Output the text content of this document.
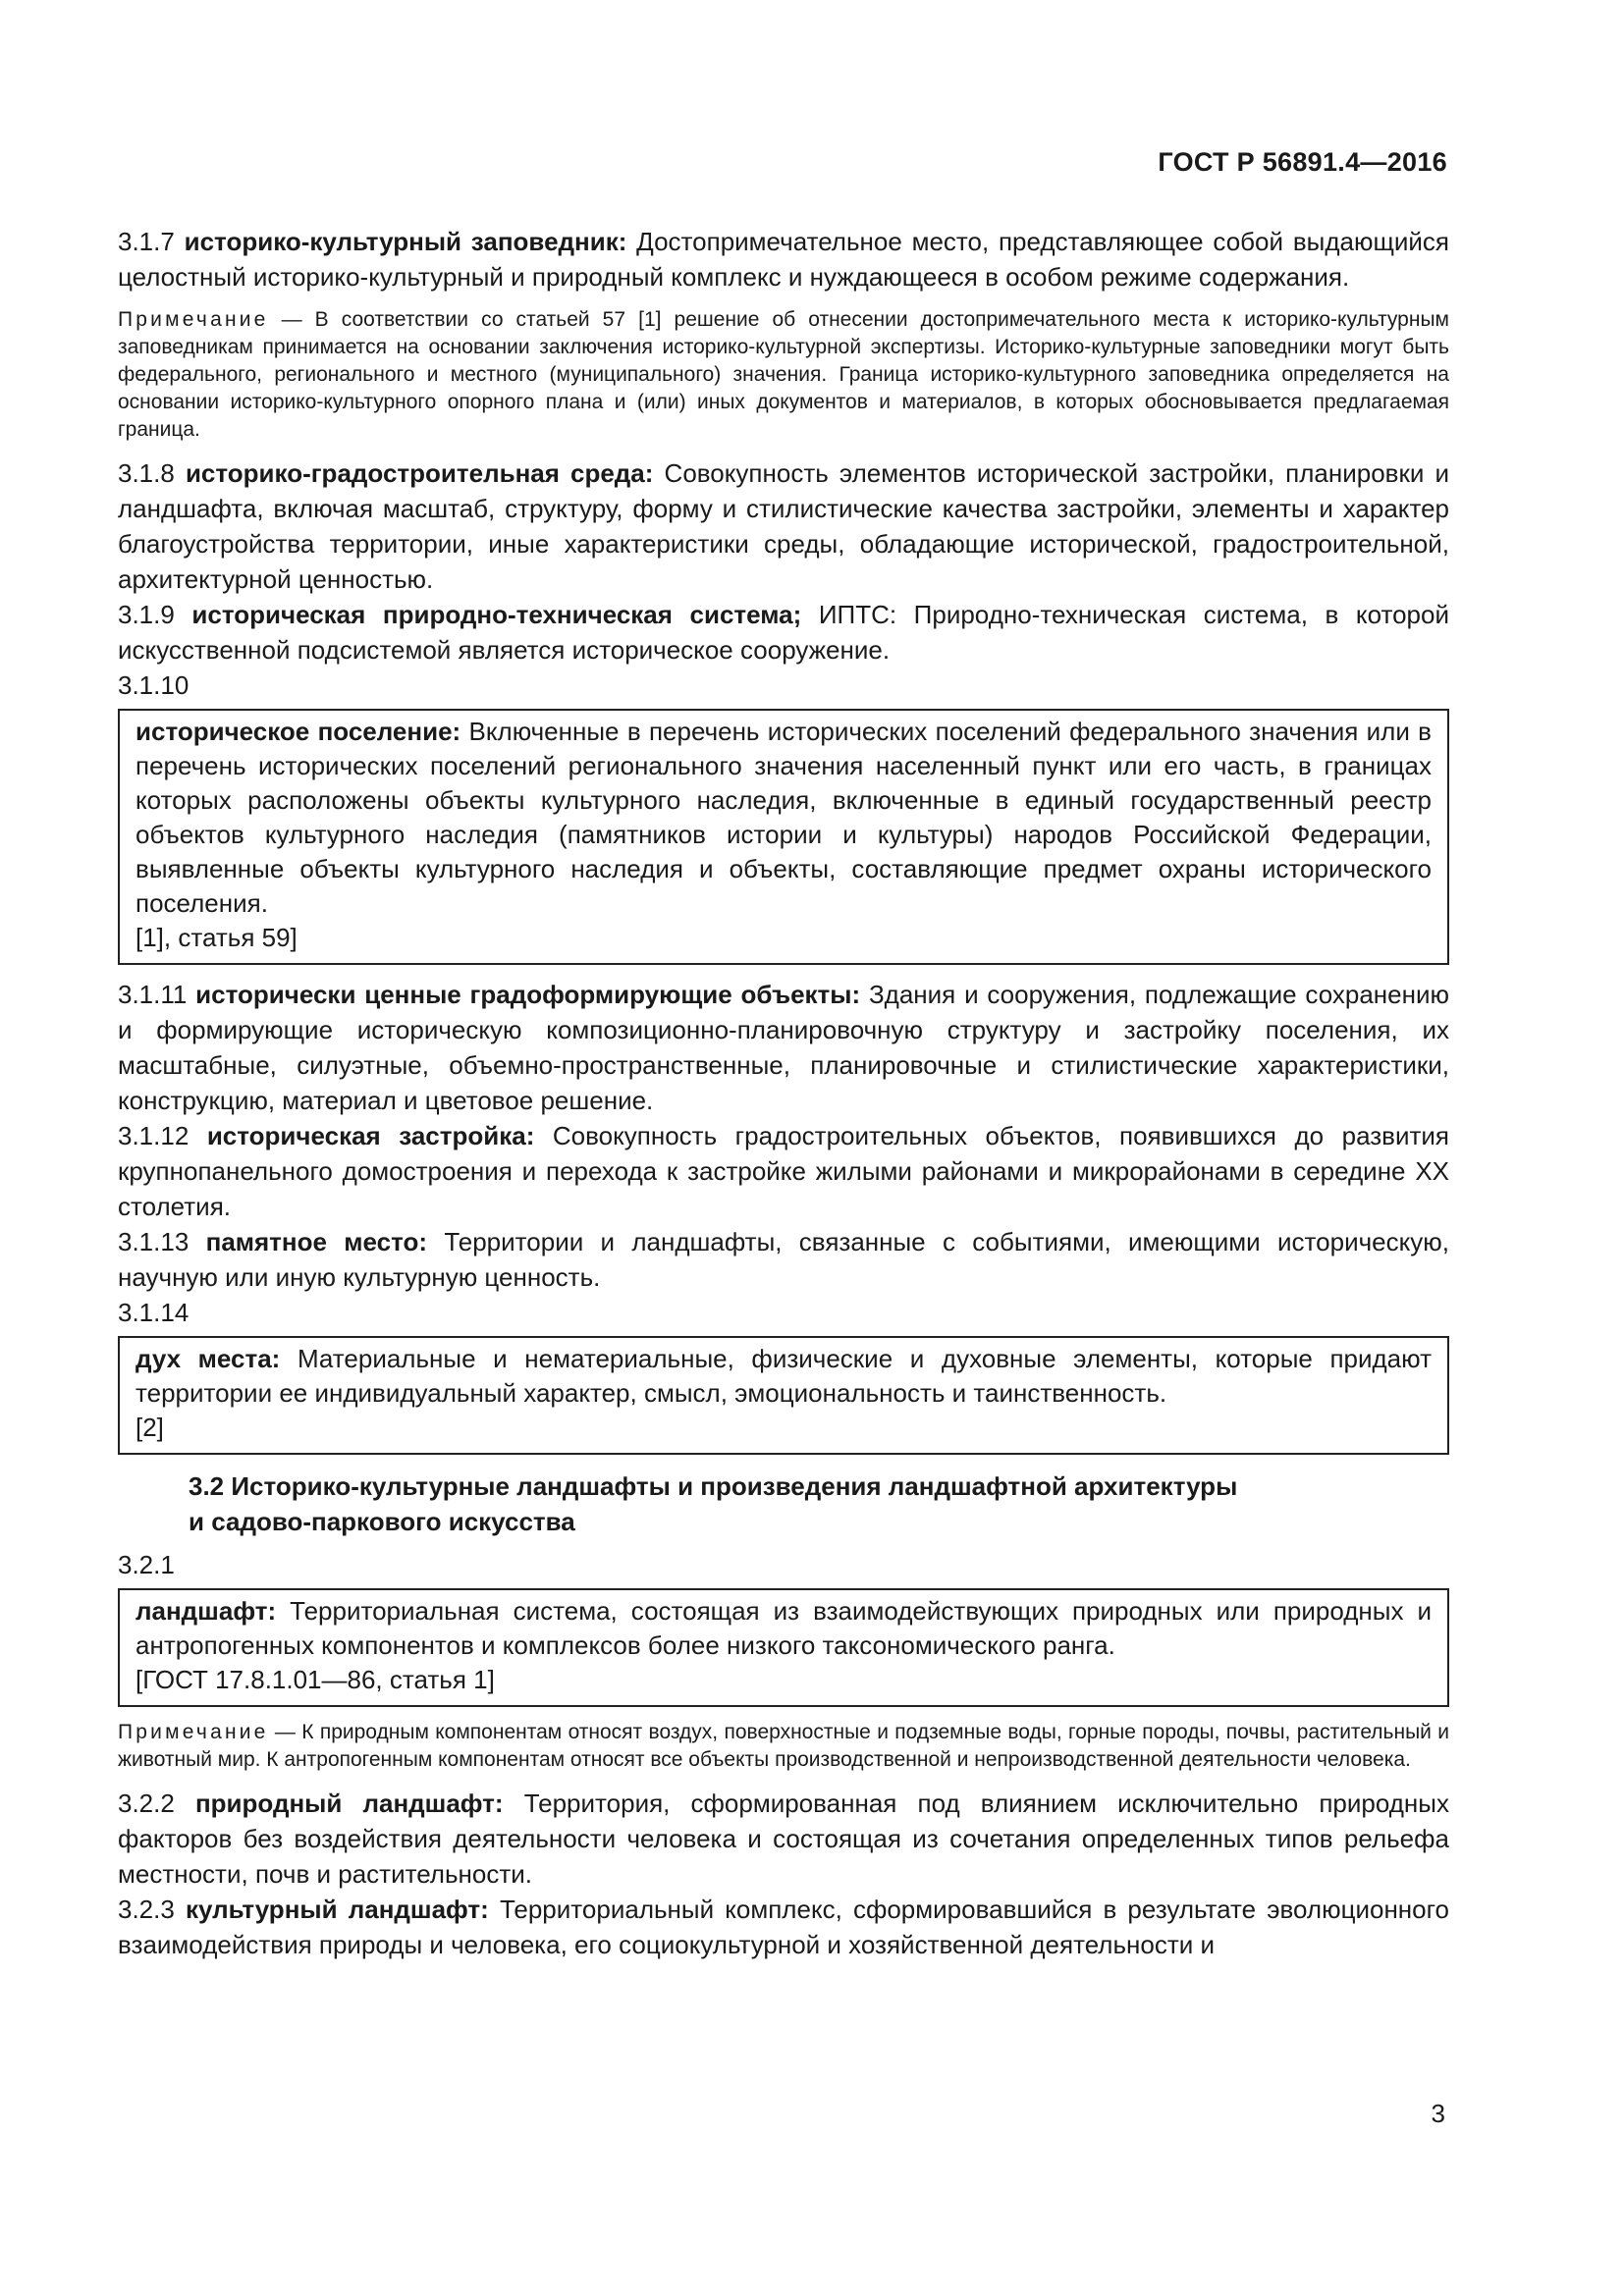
ГОСТ Р 56891.4—2016

3.1.7 историко-культурный заповедник: Достопримечательное место, представляющее собой выдающийся целостный историко-культурный и природный комплекс и нуждающееся в особом режиме содержания.

Примечание — В соответствии со статьей 57 [1] решение об отнесении достопримечательного места к историко-культурным заповедникам принимается на основании заключения историко-культурной экспертизы. Историко-культурные заповедники могут быть федерального, регионального и местного (муниципального) значения. Граница историко-культурного заповедника определяется на основании историко-культурного опорного плана и (или) иных документов и материалов, в которых обосновывается предлагаемая граница.

3.1.8 историко-градостроительная среда: Совокупность элементов исторической застройки, планировки и ландшафта, включая масштаб, структуру, форму и стилистические качества застройки, элементы и характер благоустройства территории, иные характеристики среды, обладающие исторической, градостроительной, архитектурной ценностью.

3.1.9 историческая природно-техническая система; ИПТС: Природно-техническая система, в которой искусственной подсистемой является историческое сооружение.

3.1.10

историческое поселение: Включенные в перечень исторических поселений федерального значения или в перечень исторических поселений регионального значения населенный пункт или его часть, в границах которых расположены объекты культурного наследия, включенные в единый государственный реестр объектов культурного наследия (памятников истории и культуры) народов Российской Федерации, выявленные объекты культурного наследия и объекты, составляющие предмет охраны исторического поселения.

[1], статья 59]

3.1.11 исторически ценные градоформирующие объекты: Здания и сооружения, подлежащие сохранению и формирующие историческую композиционно-планировочную структуру и застройку поселения, их масштабные, силуэтные, объемно-пространственные, планировочные и стилистические характеристики, конструкцию, материал и цветовое решение.

3.1.12 историческая застройка: Совокупность градостроительных объектов, появившихся до развития крупнопанельного домостроения и перехода к застройке жилыми районами и микрорайонами в середине XX столетия.

3.1.13 памятное место: Территории и ландшафты, связанные с событиями, имеющими историческую, научную или иную культурную ценность.

3.1.14

дух места: Материальные и нематериальные, физические и духовные элементы, которые придают территории ее индивидуальный характер, смысл, эмоциональность и таинственность.

[2]

3.2 Историко-культурные ландшафты и произведения ландшафтной архитектуры
и садово-паркового искусства

3.2.1

ландшафт: Территориальная система, состоящая из взаимодействующих природных или природных и антропогенных компонентов и комплексов более низкого таксономического ранга.

[ГОСТ 17.8.1.01—86, статья 1]

Примечание — К природным компонентам относят воздух, поверхностные и подземные воды, горные породы, почвы, растительный и животный мир. К антропогенным компонентам относят все объекты производственной и непроизводственной деятельности человека.

3.2.2 природный ландшафт: Территория, сформированная под влиянием исключительно природных факторов без воздействия деятельности человека и состоящая из сочетания определенных типов рельефа местности, почв и растительности.

3.2.3 культурный ландшафт: Территориальный комплекс, сформировавшийся в результате эволюционного взаимодействия природы и человека, его социокультурной и хозяйственной деятельности и

3
